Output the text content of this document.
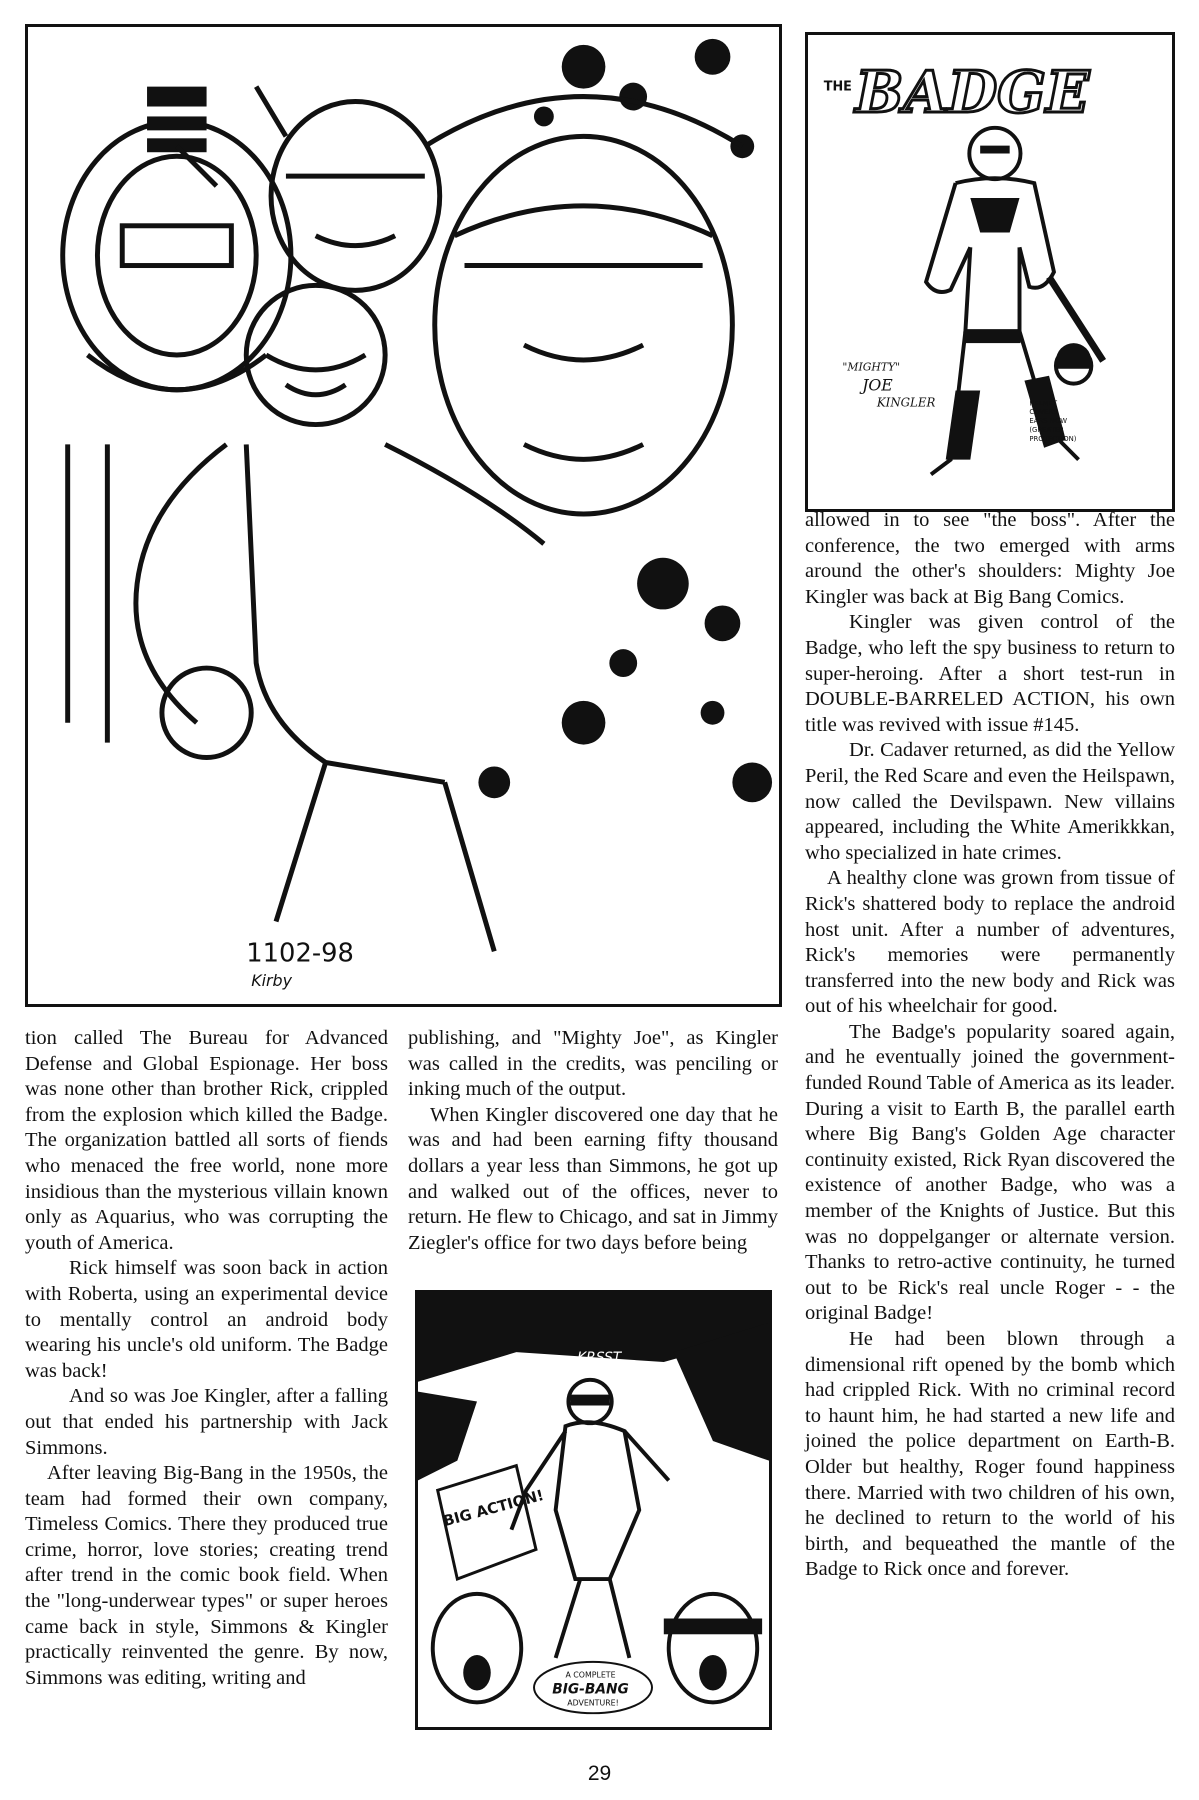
1102-98
Kirby
THE BADGE
HELMET COVERS EARS NOW (GREATER PROTECTION)
"MIGHTY" JOE KINGLER
KRSST
BIG ACTION!
A COMPLETE BIG-BANG ADVENTURE!

tion called The Bureau for Advanced Defense and Global Espionage. Her boss was none other than brother Rick, crippled from the explosion which killed the Badge. The organization battled all sorts of fiends who menaced the free world, none more insidious than the mysterious villain known only as Aquarius, who was corrupting the youth of America.

Rick himself was soon back in action with Roberta, using an experimental device to mentally control an android body wearing his uncle's old uniform. The Badge was back!

And so was Joe Kingler, after a falling out that ended his partnership with Jack Simmons.

After leaving Big-Bang in the 1950s, the team had formed their own company, Timeless Comics. There they produced true crime, horror, love stories; creating trend after trend in the comic book field. When the "long-underwear types" or super heroes came back in style, Simmons & Kingler practically reinvented the genre. By now, Simmons was editing, writing and

publishing, and "Mighty Joe", as Kingler was called in the credits, was penciling or inking much of the output.

When Kingler discovered one day that he was and had been earning fifty thousand dollars a year less than Simmons, he got up and walked out of the offices, never to return. He flew to Chicago, and sat in Jimmy Ziegler's office for two days before being

allowed in to see "the boss". After the conference, the two emerged with arms around the other's shoulders: Mighty Joe Kingler was back at Big Bang Comics.

Kingler was given control of the Badge, who left the spy business to return to super-heroing. After a short test-run in DOUBLE-BARRELED ACTION, his own title was revived with issue #145.

Dr. Cadaver returned, as did the Yellow Peril, the Red Scare and even the Heilspawn, now called the Devilspawn. New villains appeared, including the White Amerikkkan, who specialized in hate crimes.

A healthy clone was grown from tissue of Rick's shattered body to replace the android host unit. After a number of adventures, Rick's memories were permanently transferred into the new body and Rick was out of his wheelchair for good.

The Badge's popularity soared again, and he eventually joined the government-funded Round Table of America as its leader. During a visit to Earth B, the parallel earth where Big Bang's Golden Age character continuity existed, Rick Ryan discovered the existence of another Badge, who was a member of the Knights of Justice. But this was no doppelganger or alternate version. Thanks to retro-active continuity, he turned out to be Rick's real uncle Roger - - the original Badge!

He had been blown through a dimensional rift opened by the bomb which had crippled Rick. With no criminal record to haunt him, he had started a new life and joined the police department on Earth-B. Older but healthy, Roger found happiness there. Married with two children of his own, he declined to return to the world of his birth, and bequeathed the mantle of the Badge to Rick once and forever.

29
